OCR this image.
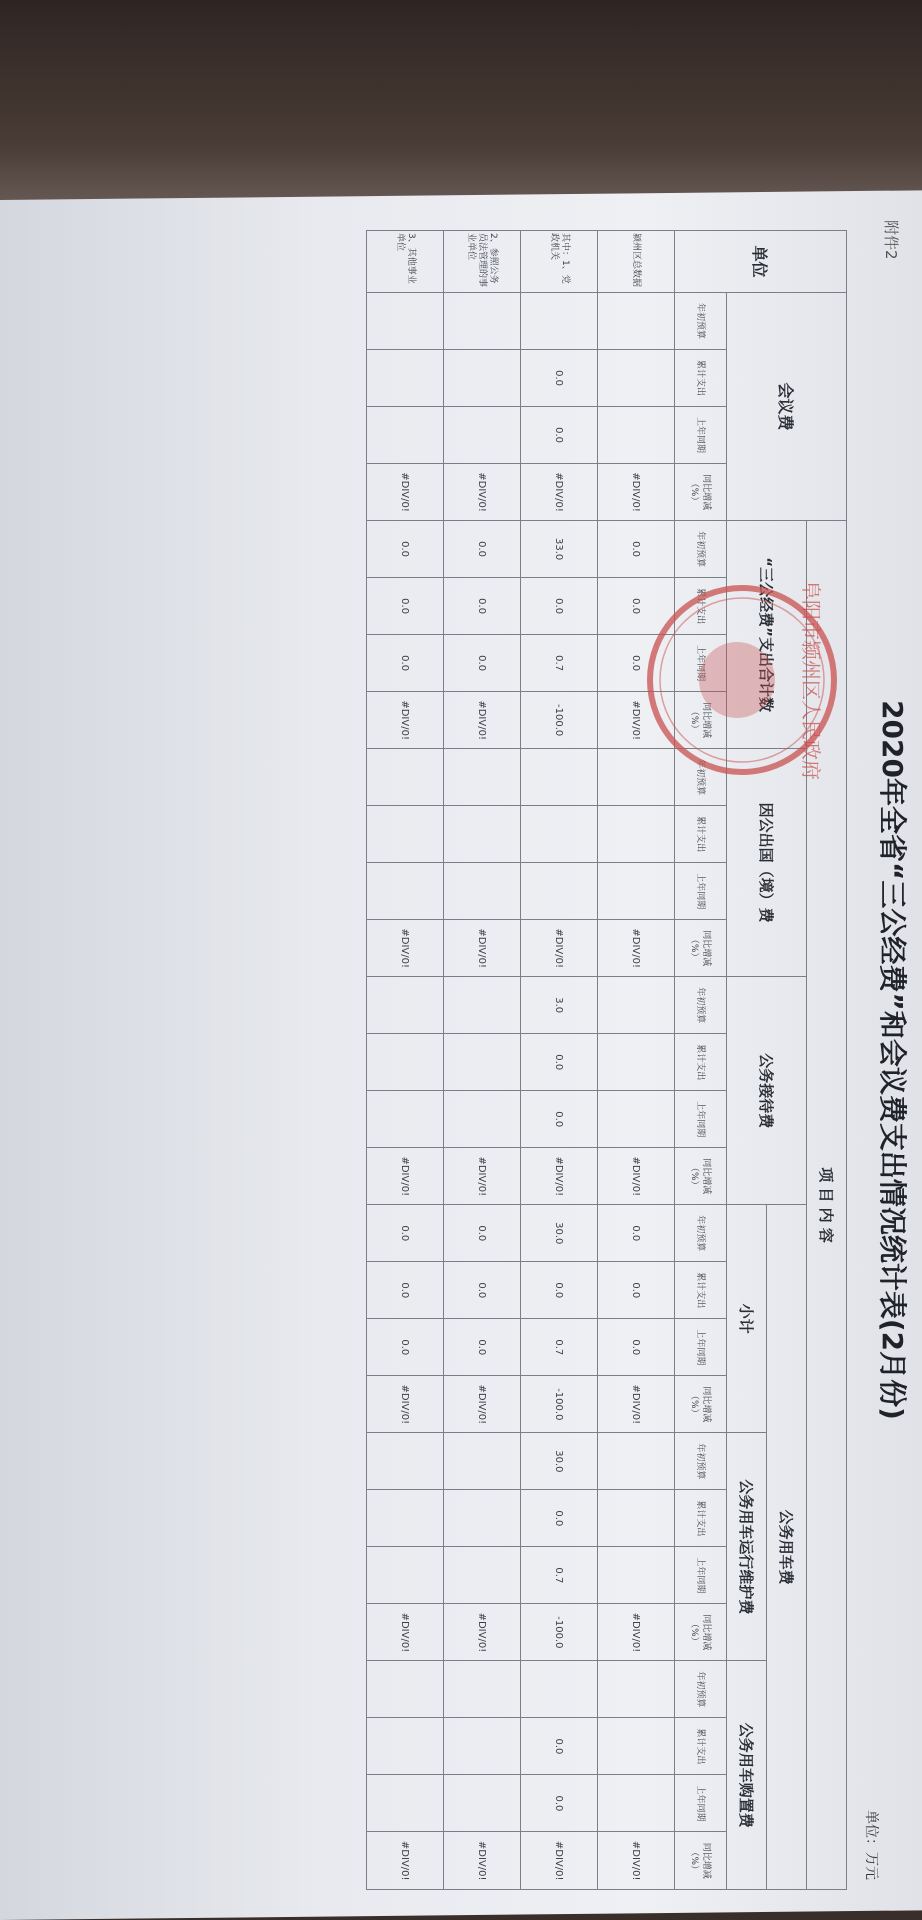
附件2
2020年全省“三公经费”和会议费支出情况统计表(2月份)
单位：万元
单位	会议费				项 目 内 容																							
					“三公经费”支出合计数				因公出国（境）费				公务接待费				公务用车费											
																	小计				公务用车运行维护费				公务用车购置费			
	年初预算	累计支出	上年同期	同比增减（%）	年初预算	累计支出	上年同期	同比增减（%）	年初预算	累计支出	上年同期	同比增减（%）	年初预算	累计支出	上年同期	同比增减（%）	年初预算	累计支出	上年同期	同比增减（%）	年初预算	累计支出	上年同期	同比增减（%）	年初预算	累计支出	上年同期	同比增减（%）
颍州区总数据				#DIV/0!	0.0	0.0	0.0	#DIV/0!				#DIV/0!				#DIV/0!	0.0	0.0	0.0	#DIV/0!				#DIV/0!				#DIV/0!
其中：1、党政机关		0.0	0.0	#DIV/0!	33.0	0.0	0.7	-100.0				#DIV/0!	3.0	0.0	0.0	#DIV/0!	30.0	0.0	0.7	-100.0	30.0	0.0	0.7	-100.0		0.0	0.0	#DIV/0!
2、参照公务员法管理的事业单位				#DIV/0!	0.0	0.0	0.0	#DIV/0!				#DIV/0!				#DIV/0!	0.0	0.0	0.0	#DIV/0!				#DIV/0!				#DIV/0!
3、其他事业单位				#DIV/0!	0.0	0.0	0.0	#DIV/0!				#DIV/0!				#DIV/0!	0.0	0.0	0.0	#DIV/0!				#DIV/0!				#DIV/0!
阜阳市颍州区人民政府
